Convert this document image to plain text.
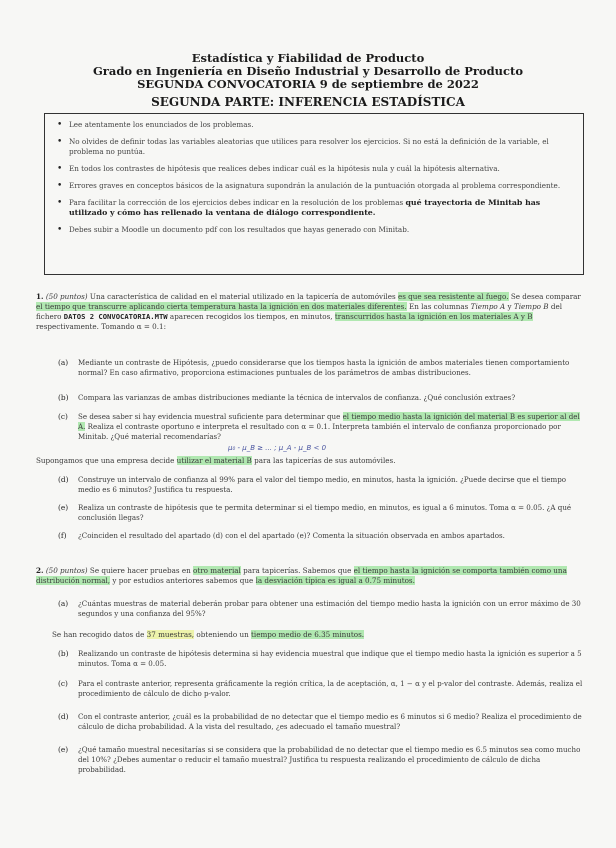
Estadística y Fiabilidad de Producto
Grado en Ingeniería en Diseño Industrial y Desarrollo de Producto
SEGUNDA CONVOCATORIA 9 de septiembre de 2022
SEGUNDA PARTE: INFERENCIA ESTADÍSTICA
• Lee atentamente los enunciados de los problemas.
• No olvides de definir todas las variables aleatorias que utilices para resolver los ejercicios. Si no está la definición de la variable, el problema no puntúa.
• En todos los contrastes de hipótesis que realices debes indicar cuál es la hipótesis nula y cuál la hipótesis alternativa.
• Errores graves en conceptos básicos de la asignatura supondrán la anulación de la puntuación otorgada al problema correspondiente.
• Para facilitar la corrección de los ejercicios debes indicar en la resolución de los problemas qué trayectoria de Minitab has utilizado y cómo has rellenado la ventana de diálogo correspondiente.
• Debes subir a Moodle un documento pdf con los resultados que hayas generado con Minitab.
1. (50 puntos) Una característica de calidad en el material utilizado en la tapicería de automóviles es que sea resistente al fuego. Se desea comparar el tiempo que transcurre aplicando cierta temperatura hasta la ignición en dos materiales diferentes. En las columnas Tiempo A y Tiempo B del fichero DATOS 2 CONVOCATORIA.MTW aparecen recogidos los tiempos, en minutos, transcurridos hasta la ignición en los materiales A y B respectivamente. Tomando α = 0.1:
(a) Mediante un contraste de Hipótesis, ¿puedo considerarse que los tiempos hasta la ignición de ambos materiales tienen comportamiento normal? En caso afirmativo, proporciona estimaciones puntuales de los parámetros de ambas distribuciones.
(b) Compara las varianzas de ambas distribuciones mediante la técnica de intervalos de confianza. ¿Qué conclusión extraes?
(c) Se desea saber si hay evidencia muestral suficiente para determinar que el tiempo medio hasta la ignición del material B es superior al del A. Realiza el contraste oportuno e interpreta el resultado con α = 0.1. Interpreta también el intervalo de confianza proporcionado por Minitab. ¿Qué material recomendarías?
μ₀ - μ_B ≥ ... ; μ_A - μ_B < 0
Supongamos que una empresa decide utilizar el material B para las tapicerías de sus automóviles.
(d) Construye un intervalo de confianza al 99% para el valor del tiempo medio, en minutos, hasta la ignición. ¿Puede decirse que el tiempo medio es 6 minutos? Justifica tu respuesta.
(e) Realiza un contraste de hipótesis que te permita determinar si el tiempo medio, en minutos, es igual a 6 minutos. Toma α = 0.05. ¿A qué conclusión llegas?
(f) ¿Coinciden el resultado del apartado (d) con el del apartado (e)? Comenta la situación observada en ambos apartados.
2. (50 puntos) Se quiere hacer pruebas en otro material para tapicerías. Sabemos que el tiempo hasta la ignición se comporta también como una distribución normal, y por estudios anteriores sabemos que la desviación típica es igual a 0.75 minutos.
(a) ¿Cuántas muestras de material deberán probar para obtener una estimación del tiempo medio hasta la ignición con un error máximo de 30 segundos y una confianza del 95%?
Se han recogido datos de 37 muestras, obteniendo un tiempo medio de 6.35 minutos.
(b) Realizando un contraste de hipótesis determina si hay evidencia muestral que indique que el tiempo medio hasta la ignición es superior a 5 minutos. Toma α = 0.05.
(c) Para el contraste anterior, representa gráficamente la región crítica, la de aceptación, α, 1 − α y el p-valor del contraste. Además, realiza el procedimiento de cálculo de dicho p-valor.
(d) Con el contraste anterior, ¿cuál es la probabilidad de no detectar que el tiempo medio es 6 minutos si 6 medio? Realiza el procedimiento de cálculo de dicha probabilidad. A la vista del resultado, ¿es adecuado el tamaño muestral?
(e) ¿Qué tamaño muestral necesitarías si se considera que la probabilidad de no detectar que el tiempo medio es 6.5 minutos sea como mucho del 10%? ¿Debes aumentar o reducir el tamaño muestral? Justifica tu respuesta realizando el procedimiento de cálculo de dicha probabilidad.
